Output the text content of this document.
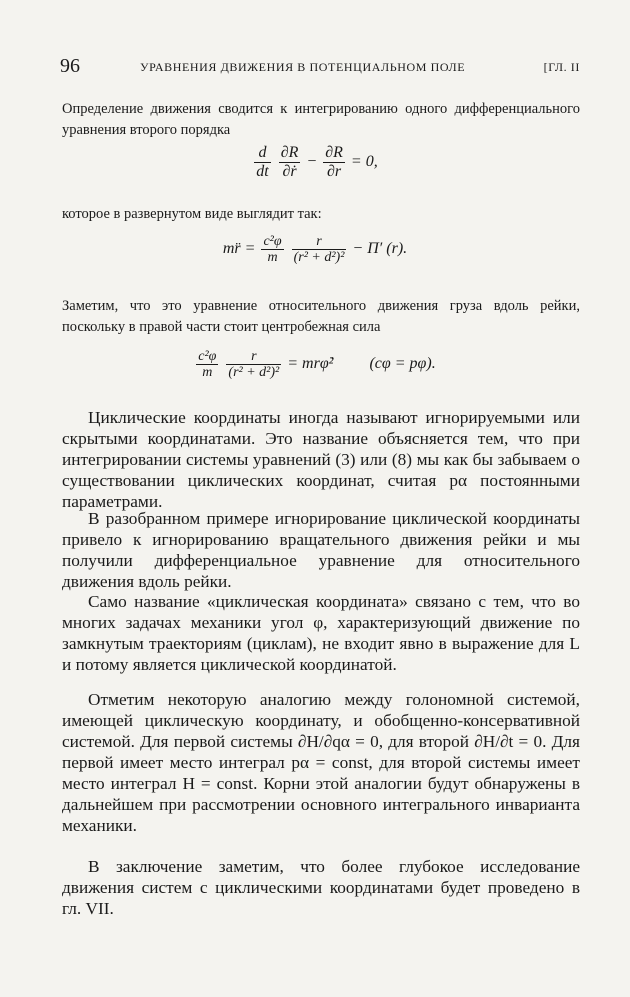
96	УРАВНЕНИЯ ДВИЖЕНИЯ В ПОТЕНЦИАЛЬНОМ ПОЛЕ	[ГЛ. II

Определение движения сводится к интегрированию одного дифференциального уравнения второго порядка

$\frac{d}{dt}$
$\frac{\partial R}{\text{∂ṙ}} - \frac{\partial R}{\partial r} = 0$,

которое в развернутом виде выглядит так:

mr̈ = $\frac{\text{c²φ}}{m}$
$\frac{r}{\text{(r² + d²)²}} - \Pi'$ (r).

Заметим, что это уравнение относительного движения груза вдоль рейки, поскольку в правой части стоит центробежная сила

$\frac{\text{c²φ}}{m}$
$\frac{r}{\text{(r² + d²)²}}$ = mrφ̇² (cφ = pφ).

Циклические координаты иногда называют игнорируемыми или скрытыми координатами. Это название объясняется тем, что при интегрировании системы уравнений (3) или (8) мы как бы забываем о существовании циклических координат, считая pα постоянными параметрами.

В разобранном примере игнорирование циклической координаты привело к игнорированию вращательного движения рейки и мы получили дифференциальное уравнение для относительного движения вдоль рейки.

Само название «циклическая координата» связано с тем, что во многих задачах механики угол φ, характеризующий движение по замкнутым траекториям (циклам), не входит явно в выражение для L и потому является циклической координатой.

Отметим некоторую аналогию между голономной системой, имеющей циклическую координату, и обобщенно-консервативной системой. Для первой системы ∂H/∂qα = 0, для второй ∂H/∂t = 0. Для первой имеет место интеграл pα = const, для второй системы имеет место интеграл H = const. Корни этой аналогии будут обнаружены в дальнейшем при рассмотрении основного интегрального инварианта механики.

В заключение заметим, что более глубокое исследование движения систем с циклическими координатами будет проведено в гл. VII.
